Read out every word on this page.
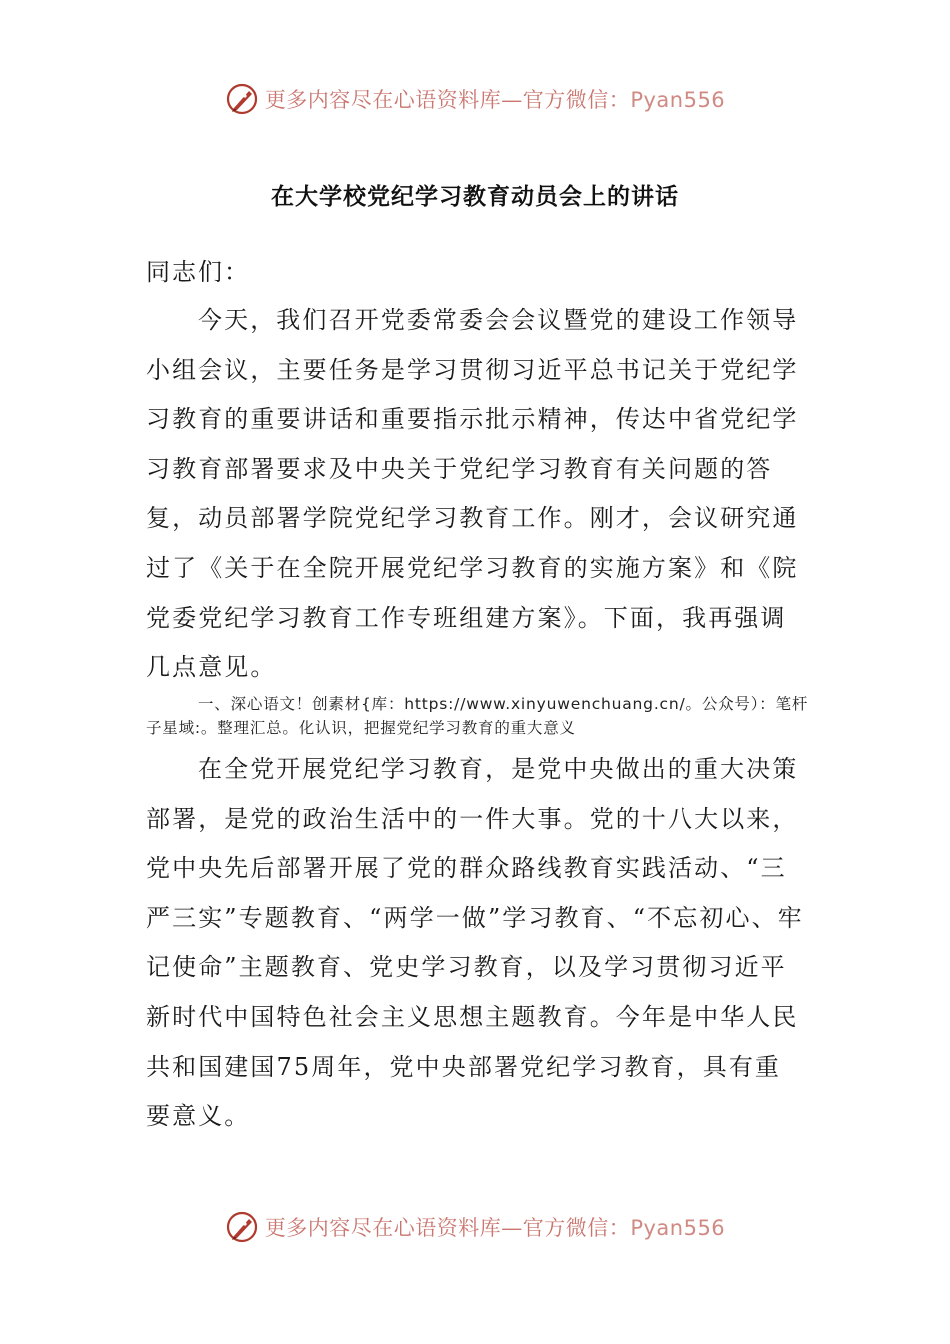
更多内容尽在心语资料库—官方微信：Pyan556
在大学校党纪学习教育动员会上的讲话
同志们：

今天，我们召开党委常委会会议暨党的建设工作领导小组会议，主要任务是学习贯彻习近平总书记关于党纪学习教育的重要讲话和重要指示批示精神，传达中省党纪学习教育部署要求及中央关于党纪学习教育有关问题的答复，动员部署学院党纪学习教育工作。刚才，会议研究通过了《关于在全院开展党纪学习教育的实施方案》和《院党委党纪学习教育工作专班组建方案》。下面，我再强调几点意见。

一、深心语文！创素材{库：https://www.xinyuwenchuang.cn/。公众号）：笔杆子星域:。整理汇总。化认识，把握党纪学习教育的重大意义

在全党开展党纪学习教育，是党中央做出的重大决策部署，是党的政治生活中的一件大事。党的十八大以来，党中央先后部署开展了党的群众路线教育实践活动、“三严三实”专题教育、“两学一做”学习教育、“不忘初心、牢记使命”主题教育、党史学习教育，以及学习贯彻习近平新时代中国特色社会主义思想主题教育。今年是中华人民共和国建国75周年，党中央部署党纪学习教育，具有重要意义。

更多内容尽在心语资料库—官方微信：Pyan556
